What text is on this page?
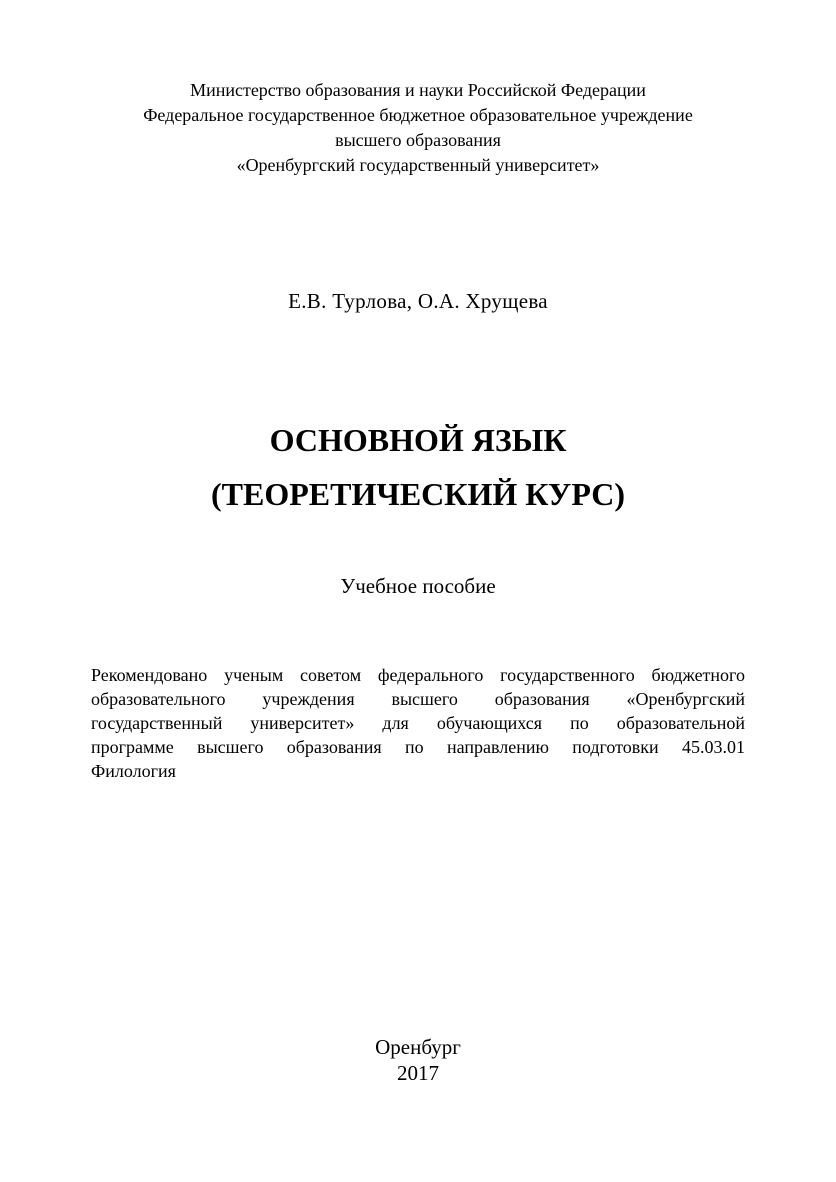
Министерство образования и науки Российской Федерации
Федеральное государственное бюджетное образовательное учреждение
высшего образования
«Оренбургский государственный университет»
Е.В. Турлова, О.А. Хрущева
ОСНОВНОЙ ЯЗЫК
(ТЕОРЕТИЧЕСКИЙ КУРС)
Учебное пособие
Рекомендовано ученым советом федерального государственного бюджетного
образовательного учреждения высшего образования «Оренбургский
государственный университет» для обучающихся по образовательной
программе высшего образования по направлению подготовки 45.03.01
Филология
Оренбург
2017
